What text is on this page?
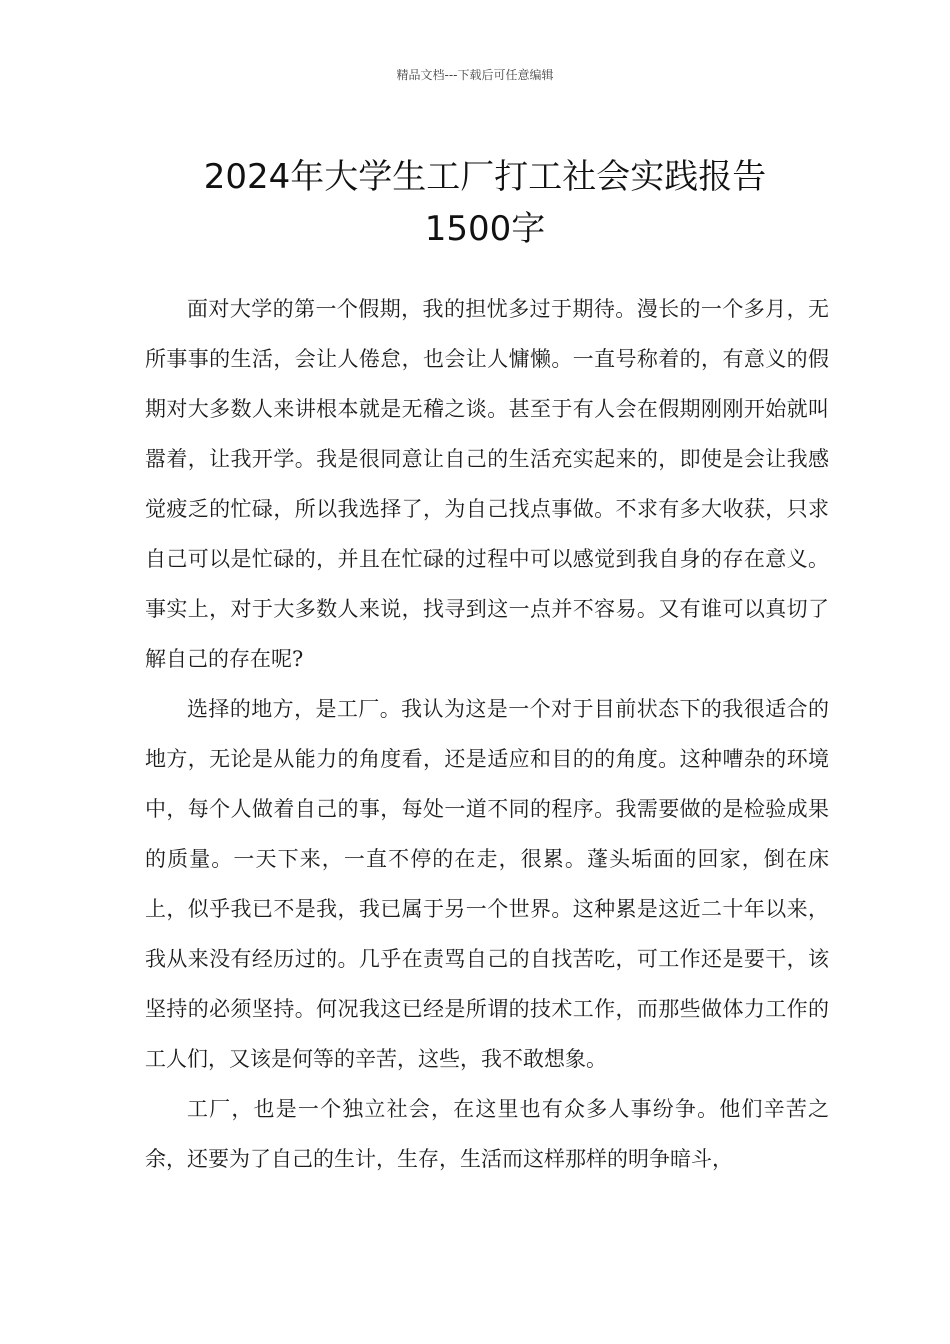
精品文档---下载后可任意编辑
2024年大学生工厂打工社会实践报告
1500字

面对大学的第一个假期，我的担忧多过于期待。漫长的一个多月，无所事事的生活，会让人倦怠，也会让人慵懒。一直号称着的，有意义的假期对大多数人来讲根本就是无稽之谈。甚至于有人会在假期刚刚开始就叫嚣着，让我开学。我是很同意让自己的生活充实起来的，即使是会让我感觉疲乏的忙碌，所以我选择了，为自己找点事做。不求有多大收获，只求自己可以是忙碌的，并且在忙碌的过程中可以感觉到我自身的存在意义。事实上，对于大多数人来说，找寻到这一点并不容易。又有谁可以真切了解自己的存在呢?

选择的地方，是工厂。我认为这是一个对于目前状态下的我很适合的地方，无论是从能力的角度看，还是适应和目的的角度。这种嘈杂的环境中，每个人做着自己的事，每处一道不同的程序。我需要做的是检验成果的质量。一天下来，一直不停的在走，很累。蓬头垢面的回家，倒在床上，似乎我已不是我，我已属于另一个世界。这种累是这近二十年以来，我从来没有经历过的。几乎在责骂自己的自找苦吃，可工作还是要干，该坚持的必须坚持。何况我这已经是所谓的技术工作，而那些做体力工作的工人们，又该是何等的辛苦，这些，我不敢想象。

工厂，也是一个独立社会，在这里也有众多人事纷争。他们辛苦之余，还要为了自己的生计，生存，生活而这样那样的明争暗斗，
